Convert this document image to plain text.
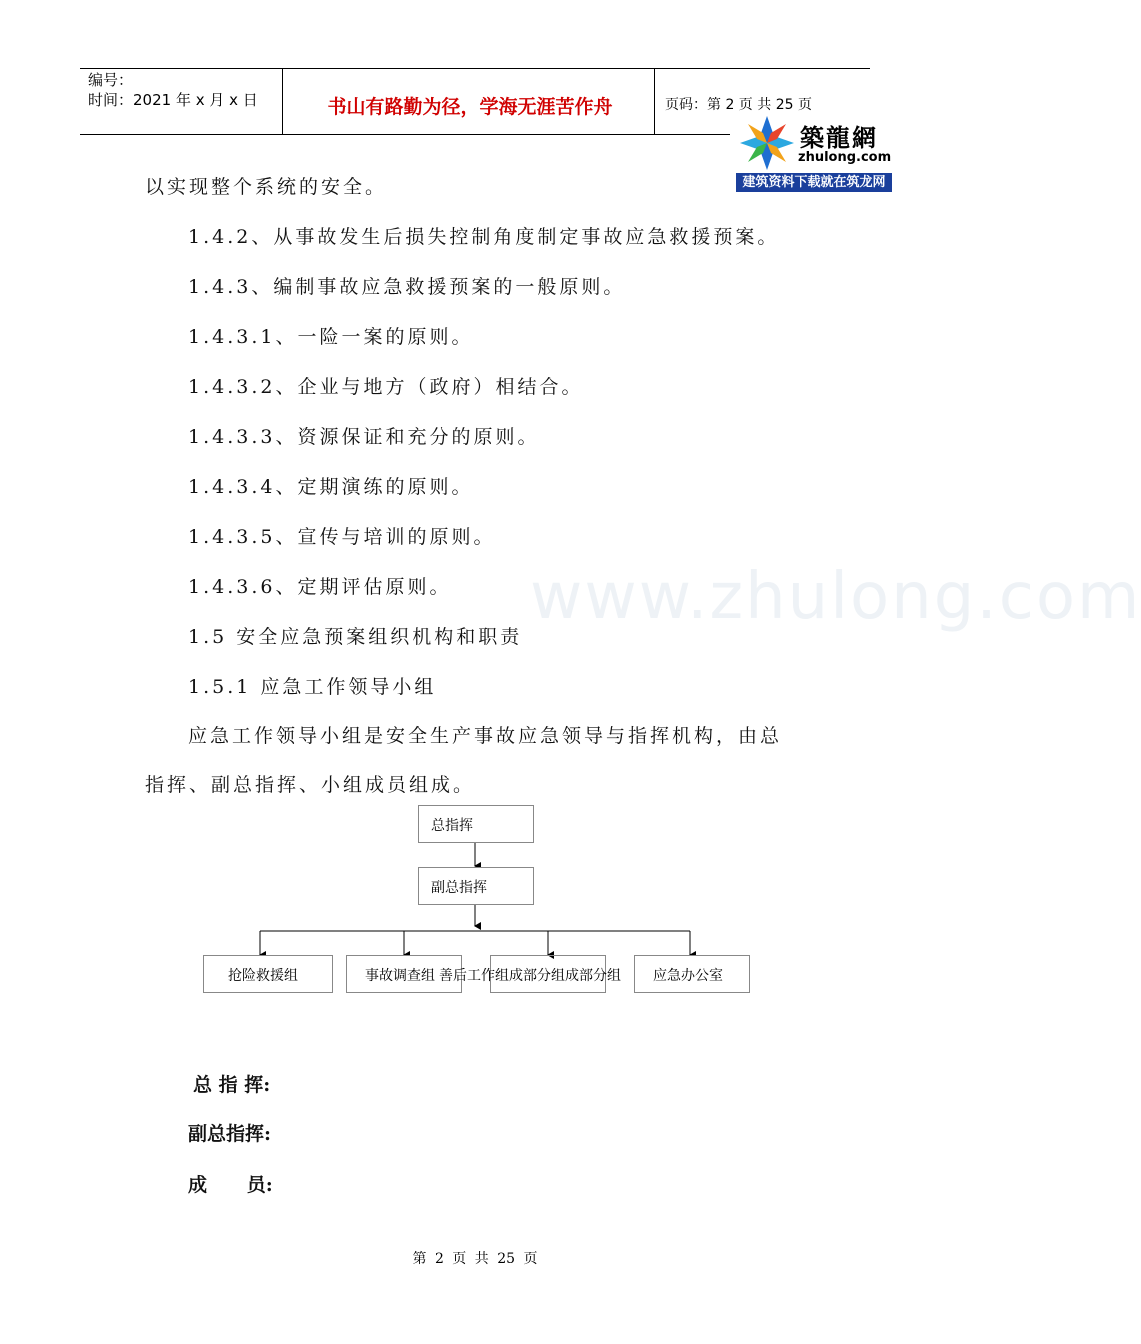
www.zhulong.com
编号：
时间：2021 年 x 月 x 日	书山有路勤为径，学海无涯苦作舟	页码：第 2 页 共 25 页
築龍網
zhulong.com
建筑资料下载就在筑龙网
以实现整个系统的安全。
1.4.2、从事故发生后损失控制角度制定事故应急救援预案。
1.4.3、编制事故应急救援预案的一般原则。
1.4.3.1、一险一案的原则。
1.4.3.2、企业与地方（政府）相结合。
1.4.3.3、资源保证和充分的原则。
1.4.3.4、定期演练的原则。
1.4.3.5、宣传与培训的原则。
1.4.3.6、定期评估原则。
1.5 安全应急预案组织机构和职责
1.5.1 应急工作领导小组
应急工作领导小组是安全生产事故应急领导与指挥机构，由总
指挥、副总指挥、小组成员组成。
总指挥
副总指挥
抢险救援组	事故调查组 善后工作组成部分组成部分组	应急办公室
总 指 挥:
副总指挥:
成      员:
第 2 页 共 25 页
